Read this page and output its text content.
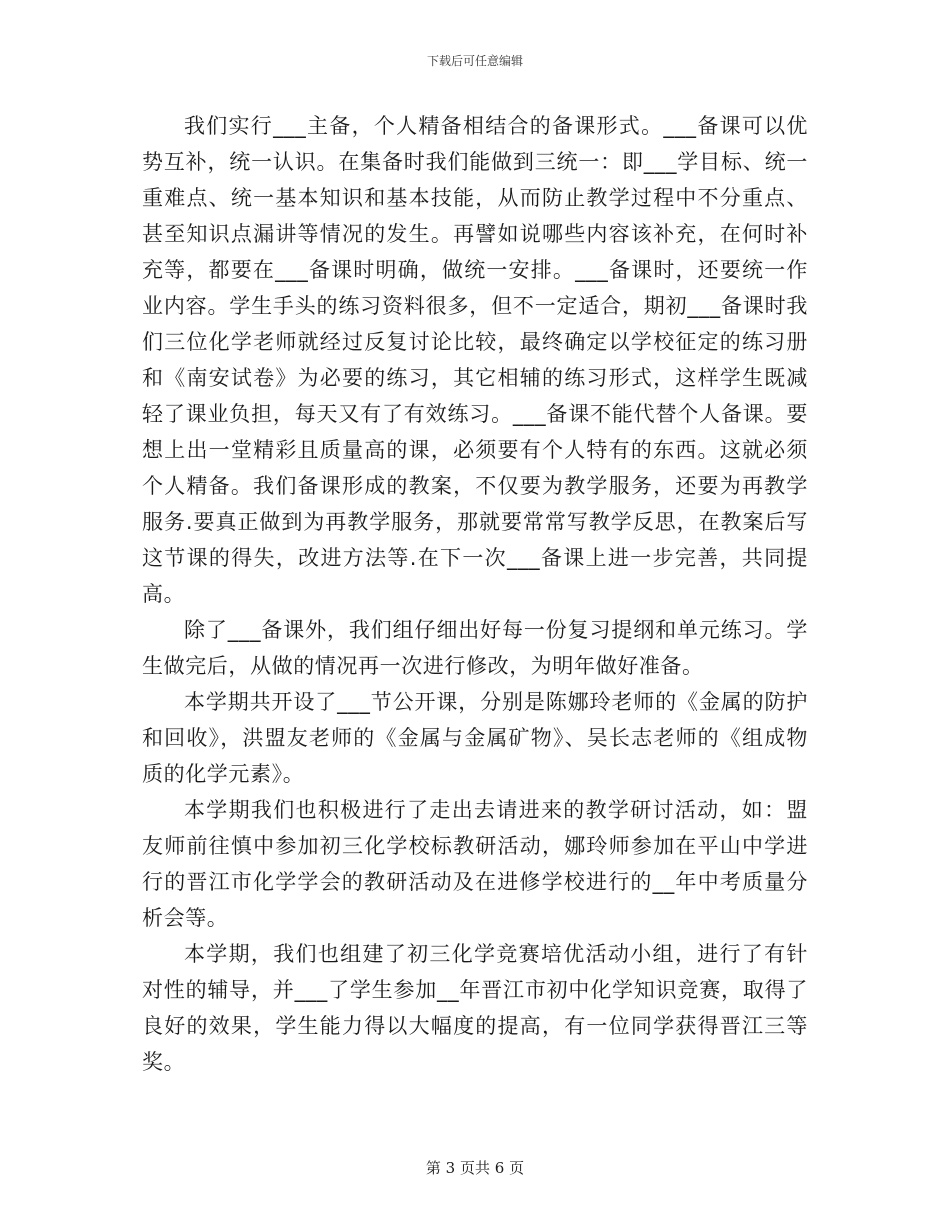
下载后可任意编辑

我们实行___主备，个人精备相结合的备课形式。___备课可以优势互补，统一认识。在集备时我们能做到三统一：即___学目标、统一重难点、统一基本知识和基本技能，从而防止教学过程中不分重点、甚至知识点漏讲等情况的发生。再譬如说哪些内容该补充，在何时补充等，都要在___备课时明确，做统一安排。___备课时，还要统一作业内容。学生手头的练习资料很多，但不一定适合，期初___备课时我们三位化学老师就经过反复讨论比较，最终确定以学校征定的练习册和《南安试卷》为必要的练习，其它相辅的练习形式，这样学生既减轻了课业负担，每天又有了有效练习。___备课不能代替个人备课。要想上出一堂精彩且质量高的课，必须要有个人特有的东西。这就必须个人精备。我们备课形成的教案，不仅要为教学服务，还要为再教学服务.要真正做到为再教学服务，那就要常常写教学反思，在教案后写这节课的得失，改进方法等.在下一次___备课上进一步完善，共同提高。

除了___备课外，我们组仔细出好每一份复习提纲和单元练习。学生做完后，从做的情况再一次进行修改，为明年做好准备。

本学期共开设了___节公开课，分别是陈娜玲老师的《金属的防护和回收》，洪盟友老师的《金属与金属矿物》、吴长志老师的《组成物质的化学元素》。

本学期我们也积极进行了走出去请进来的教学研讨活动，如：盟友师前往慎中参加初三化学校标教研活动，娜玲师参加在平山中学进行的晋江市化学学会的教研活动及在进修学校进行的__年中考质量分析会等。

本学期，我们也组建了初三化学竞赛培优活动小组，进行了有针对性的辅导，并___了学生参加__年晋江市初中化学知识竞赛，取得了良好的效果，学生能力得以大幅度的提高，有一位同学获得晋江三等奖。

第 3 页共 6 页
